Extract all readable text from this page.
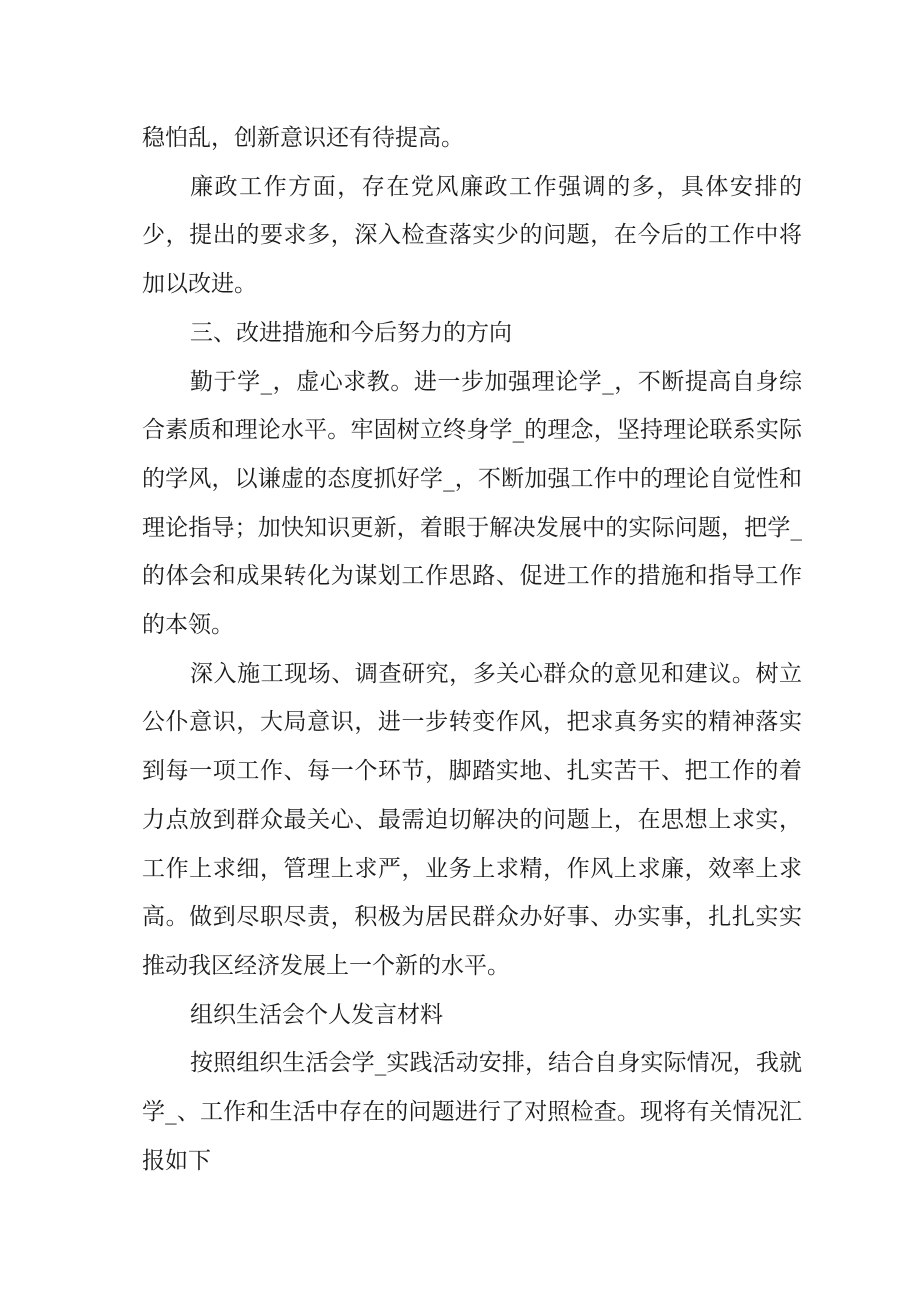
稳怕乱，创新意识还有待提高。

廉政工作方面，存在党风廉政工作强调的多，具体安排的少，提出的要求多，深入检查落实少的问题，在今后的工作中将加以改进。

三、改进措施和今后努力的方向

勤于学_，虚心求教。进一步加强理论学_，不断提高自身综合素质和理论水平。牢固树立终身学_的理念，坚持理论联系实际的学风，以谦虚的态度抓好学_，不断加强工作中的理论自觉性和理论指导；加快知识更新，着眼于解决发展中的实际问题，把学_的体会和成果转化为谋划工作思路、促进工作的措施和指导工作的本领。

深入施工现场、调查研究，多关心群众的意见和建议。树立公仆意识，大局意识，进一步转变作风，把求真务实的精神落实到每一项工作、每一个环节，脚踏实地、扎实苦干、把工作的着力点放到群众最关心、最需迫切解决的问题上，在思想上求实，工作上求细，管理上求严，业务上求精，作风上求廉，效率上求高。做到尽职尽责，积极为居民群众办好事、办实事，扎扎实实推动我区经济发展上一个新的水平。

组织生活会个人发言材料

按照组织生活会学_实践活动安排，结合自身实际情况，我就学_、工作和生活中存在的问题进行了对照检查。现将有关情况汇报如下
